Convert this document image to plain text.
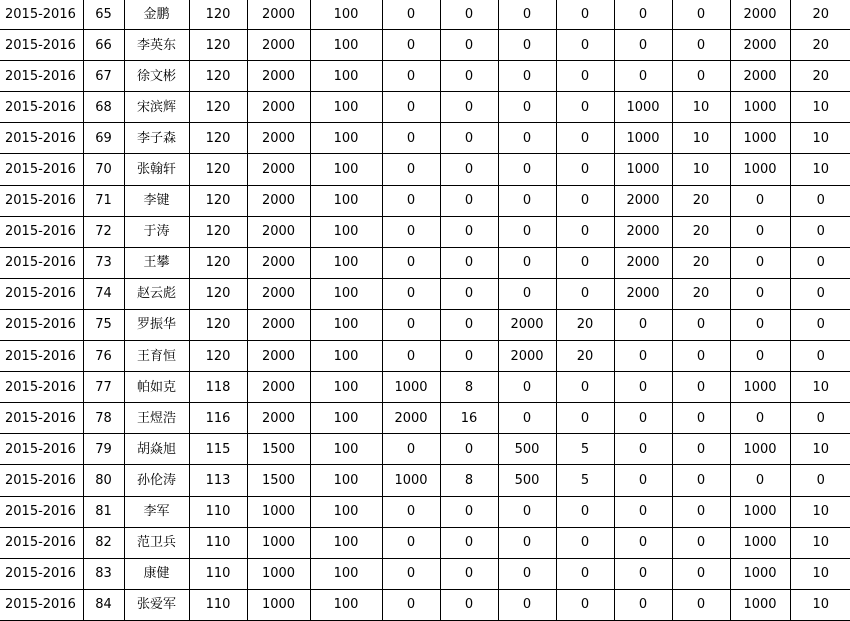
2015-2016	65	金鹏	120	2000	100	0	0	0	0	0	0	2000	20
2015-2016	66	李英东	120	2000	100	0	0	0	0	0	0	2000	20
2015-2016	67	徐文彬	120	2000	100	0	0	0	0	0	0	2000	20
2015-2016	68	宋滨辉	120	2000	100	0	0	0	0	1000	10	1000	10
2015-2016	69	李子森	120	2000	100	0	0	0	0	1000	10	1000	10
2015-2016	70	张翰轩	120	2000	100	0	0	0	0	1000	10	1000	10
2015-2016	71	李键	120	2000	100	0	0	0	0	2000	20	0	0
2015-2016	72	于涛	120	2000	100	0	0	0	0	2000	20	0	0
2015-2016	73	王攀	120	2000	100	0	0	0	0	2000	20	0	0
2015-2016	74	赵云彪	120	2000	100	0	0	0	0	2000	20	0	0
2015-2016	75	罗振华	120	2000	100	0	0	2000	20	0	0	0	0
2015-2016	76	王育恒	120	2000	100	0	0	2000	20	0	0	0	0
2015-2016	77	帕如克	118	2000	100	1000	8	0	0	0	0	1000	10
2015-2016	78	王煜浩	116	2000	100	2000	16	0	0	0	0	0	0
2015-2016	79	胡焱旭	115	1500	100	0	0	500	5	0	0	1000	10
2015-2016	80	孙伦涛	113	1500	100	1000	8	500	5	0	0	0	0
2015-2016	81	李军	110	1000	100	0	0	0	0	0	0	1000	10
2015-2016	82	范卫兵	110	1000	100	0	0	0	0	0	0	1000	10
2015-2016	83	康健	110	1000	100	0	0	0	0	0	0	1000	10
2015-2016	84	张爱军	110	1000	100	0	0	0	0	0	0	1000	10
